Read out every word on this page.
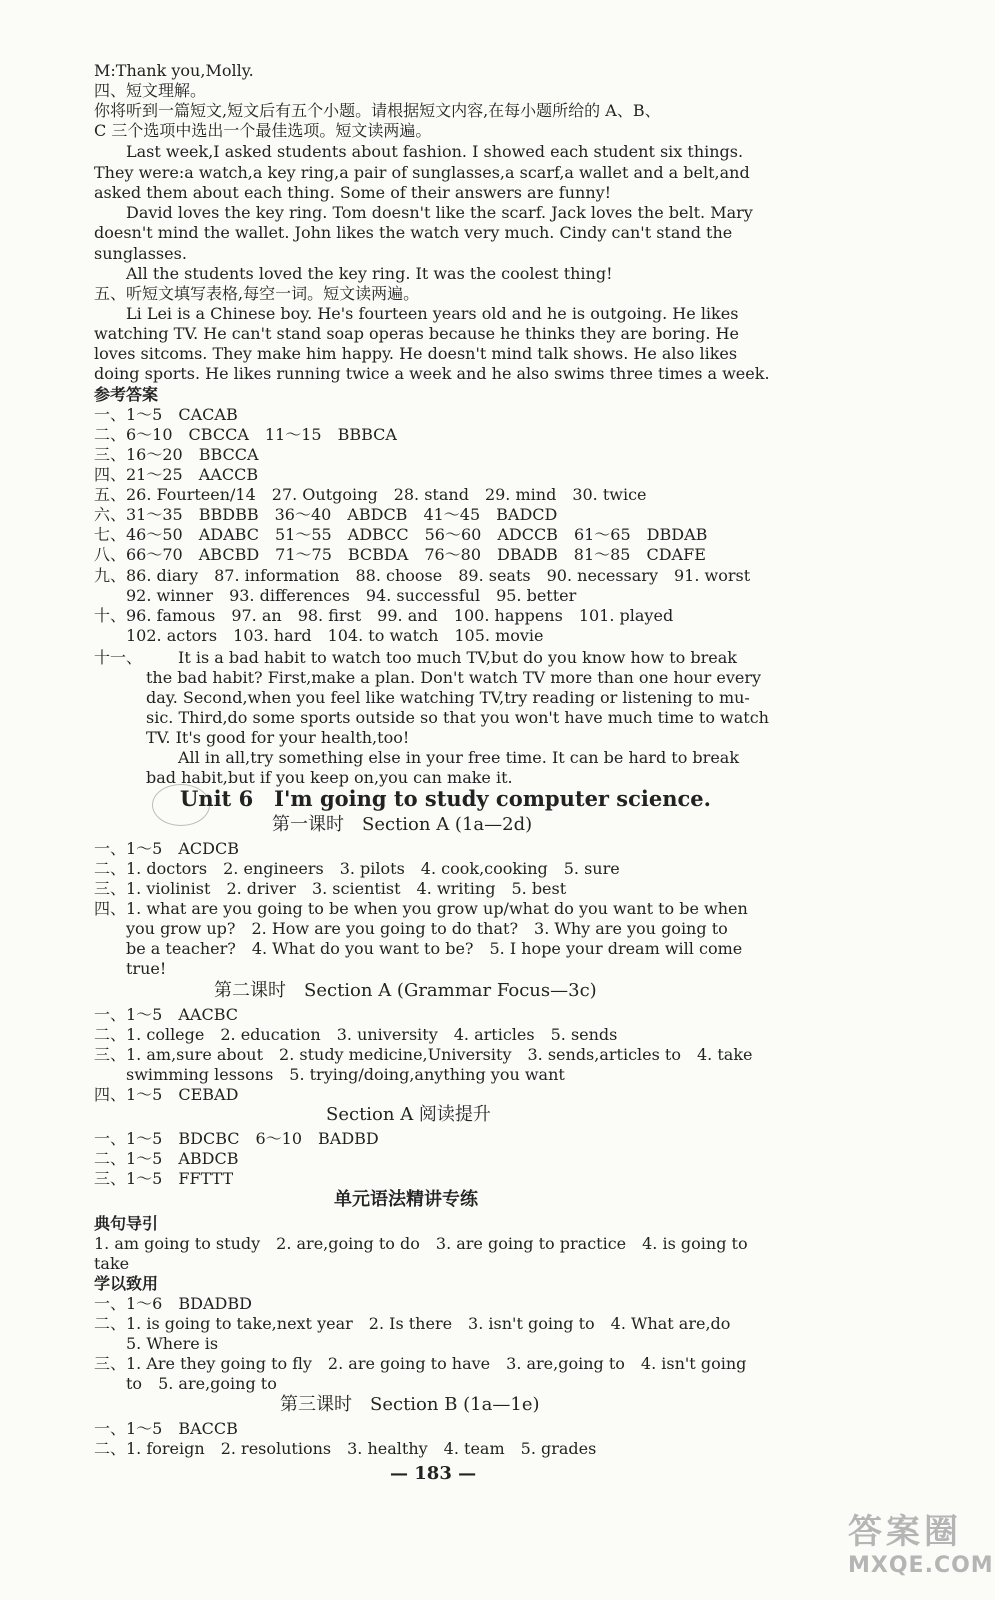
M:Thank you,Molly.
四、短文理解。
你将听到一篇短文,短文后有五个小题。请根据短文内容,在每小题所给的 A、B、
C 三个选项中选出一个最佳选项。短文读两遍。
Last week,I asked students about fashion. I showed each student six things.
They were:a watch,a key ring,a pair of sunglasses,a scarf,a wallet and a belt,and
asked them about each thing. Some of their answers are funny!
David loves the key ring. Tom doesn't like the scarf. Jack loves the belt. Mary
doesn't mind the wallet. John likes the watch very much. Cindy can't stand the
sunglasses.
All the students loved the key ring. It was the coolest thing!
五、听短文填写表格,每空一词。短文读两遍。
Li Lei is a Chinese boy. He's fourteen years old and he is outgoing. He likes
watching TV. He can't stand soap operas because he thinks they are boring. He
loves sitcoms. They make him happy. He doesn't mind talk shows. He also likes
doing sports. He likes running twice a week and he also swims three times a week.
参考答案
一、1～5　CACAB
二、6～10　CBCCA　11～15　BBBCA
三、16～20　BBCCA
四、21～25　AACCB
五、26. Fourteen/14　27. Outgoing　28. stand　29. mind　30. twice
六、31～35　BBDBB　36～40　ABDCB　41～45　BADCD
七、46～50　ADABC　51～55　ADBCC　56～60　ADCCB　61～65　DBDAB
八、66～70　ABCBD　71～75　BCBDA　76～80　DBADB　81～85　CDAFE
九、86. diary　87. information　88. choose　89. seats　90. necessary　91. worst
92. winner　93. differences　94. successful　95. better
十、96. famous　97. an　98. first　99. and　100. happens　101. played
102. actors　103. hard　104. to watch　105. movie
十一、 It is a bad habit to watch too much TV,but do you know how to break
the bad habit? First,make a plan. Don't watch TV more than one hour every
day. Second,when you feel like watching TV,try reading or listening to mu-
sic. Third,do some sports outside so that you won't have much time to watch
TV. It's good for your health,too!
All in all,try something else in your free time. It can be hard to break
bad habit,but if you keep on,you can make it.
Unit 6　I'm going to study computer science.
第一课时　Section A (1a—2d)
一、1～5　ACDCB
二、1. doctors　2. engineers　3. pilots　4. cook,cooking　5. sure
三、1. violinist　2. driver　3. scientist　4. writing　5. best
四、1. what are you going to be when you grow up/what do you want to be when
you grow up?　2. How are you going to do that?　3. Why are you going to
be a teacher?　4. What do you want to be?　5. I hope your dream will come
true!
第二课时　Section A (Grammar Focus—3c)
一、1～5　AACBC
二、1. college　2. education　3. university　4. articles　5. sends
三、1. am,sure about　2. study medicine,University　3. sends,articles to　4. take
swimming lessons　5. trying/doing,anything you want
四、1～5　CEBAD
Section A 阅读提升
一、1～5　BDCBC　6～10　BADBD
二、1～5　ABDCB
三、1～5　FFTTT
单元语法精讲专练
典句导引
1. am going to study　2. are,going to do　3. are going to practice　4. is going to
take
学以致用
一、1～6　BDADBD
二、1. is going to take,next year　2. Is there　3. isn't going to　4. What are,do
5. Where is
三、1. Are they going to fly　2. are going to have　3. are,going to　4. isn't going
to　5. are,going to
第三课时　Section B (1a—1e)
一、1～5　BACCB
二、1. foreign　2. resolutions　3. healthy　4. team　5. grades
— 183 —
答案圈
MXQE.COM
